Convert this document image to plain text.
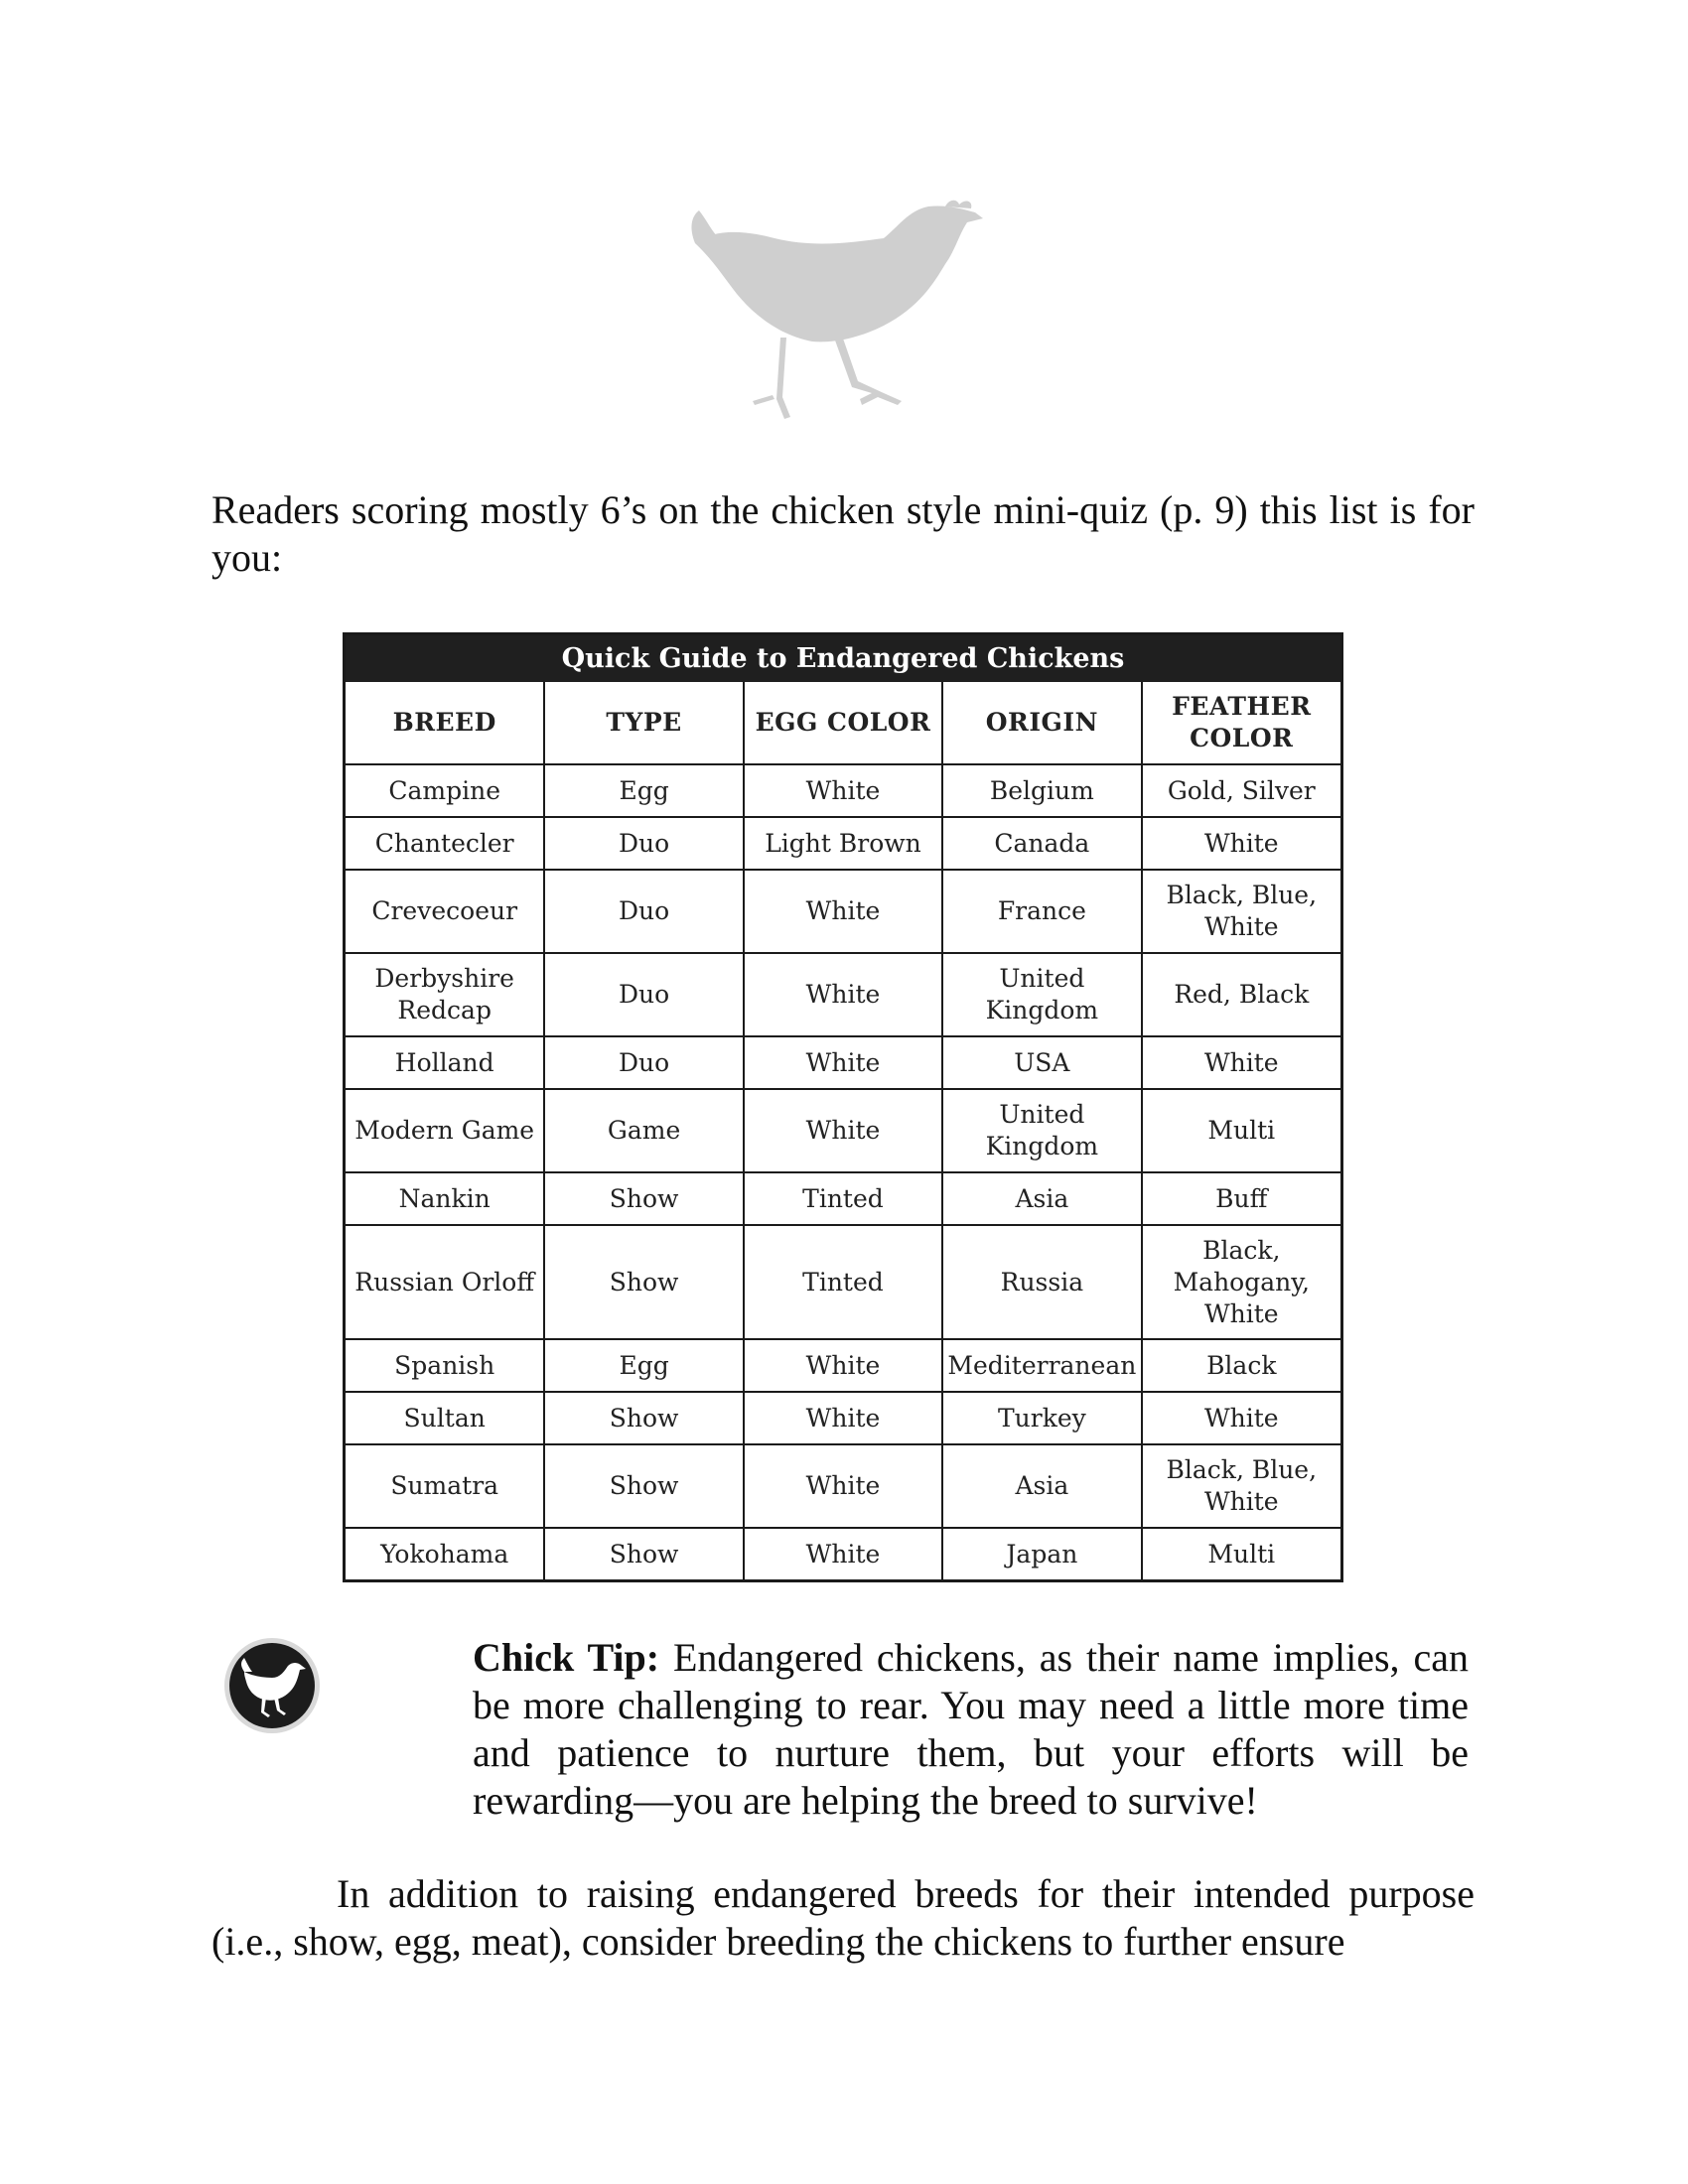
Readers scoring mostly 6’s on the chicken style mini-quiz (p. 9) this list is for you:

Quick Guide to Endangered Chickens
BREED	TYPE	EGG COLOR	ORIGIN	FEATHER COLOR
Campine	Egg	White	Belgium	Gold, Silver
Chantecler	Duo	Light Brown	Canada	White
Crevecoeur	Duo	White	France	Black, Blue, White
Derbyshire Redcap	Duo	White	United Kingdom	Red, Black
Holland	Duo	White	USA	White
Modern Game	Game	White	United Kingdom	Multi
Nankin	Show	Tinted	Asia	Buff
Russian Orloff	Show	Tinted	Russia	Black, Mahogany, White
Spanish	Egg	White	Mediterranean	Black
Sultan	Show	White	Turkey	White
Sumatra	Show	White	Asia	Black, Blue, White
Yokohama	Show	White	Japan	Multi

Chick Tip: Endangered chickens, as their name implies, can be more challenging to rear. You may need a little more time and patience to nurture them, but your efforts will be rewarding—you are helping the breed to survive!

In addition to raising endangered breeds for their intended purpose (i.e., show, egg, meat), consider breeding the chickens to further ensure
